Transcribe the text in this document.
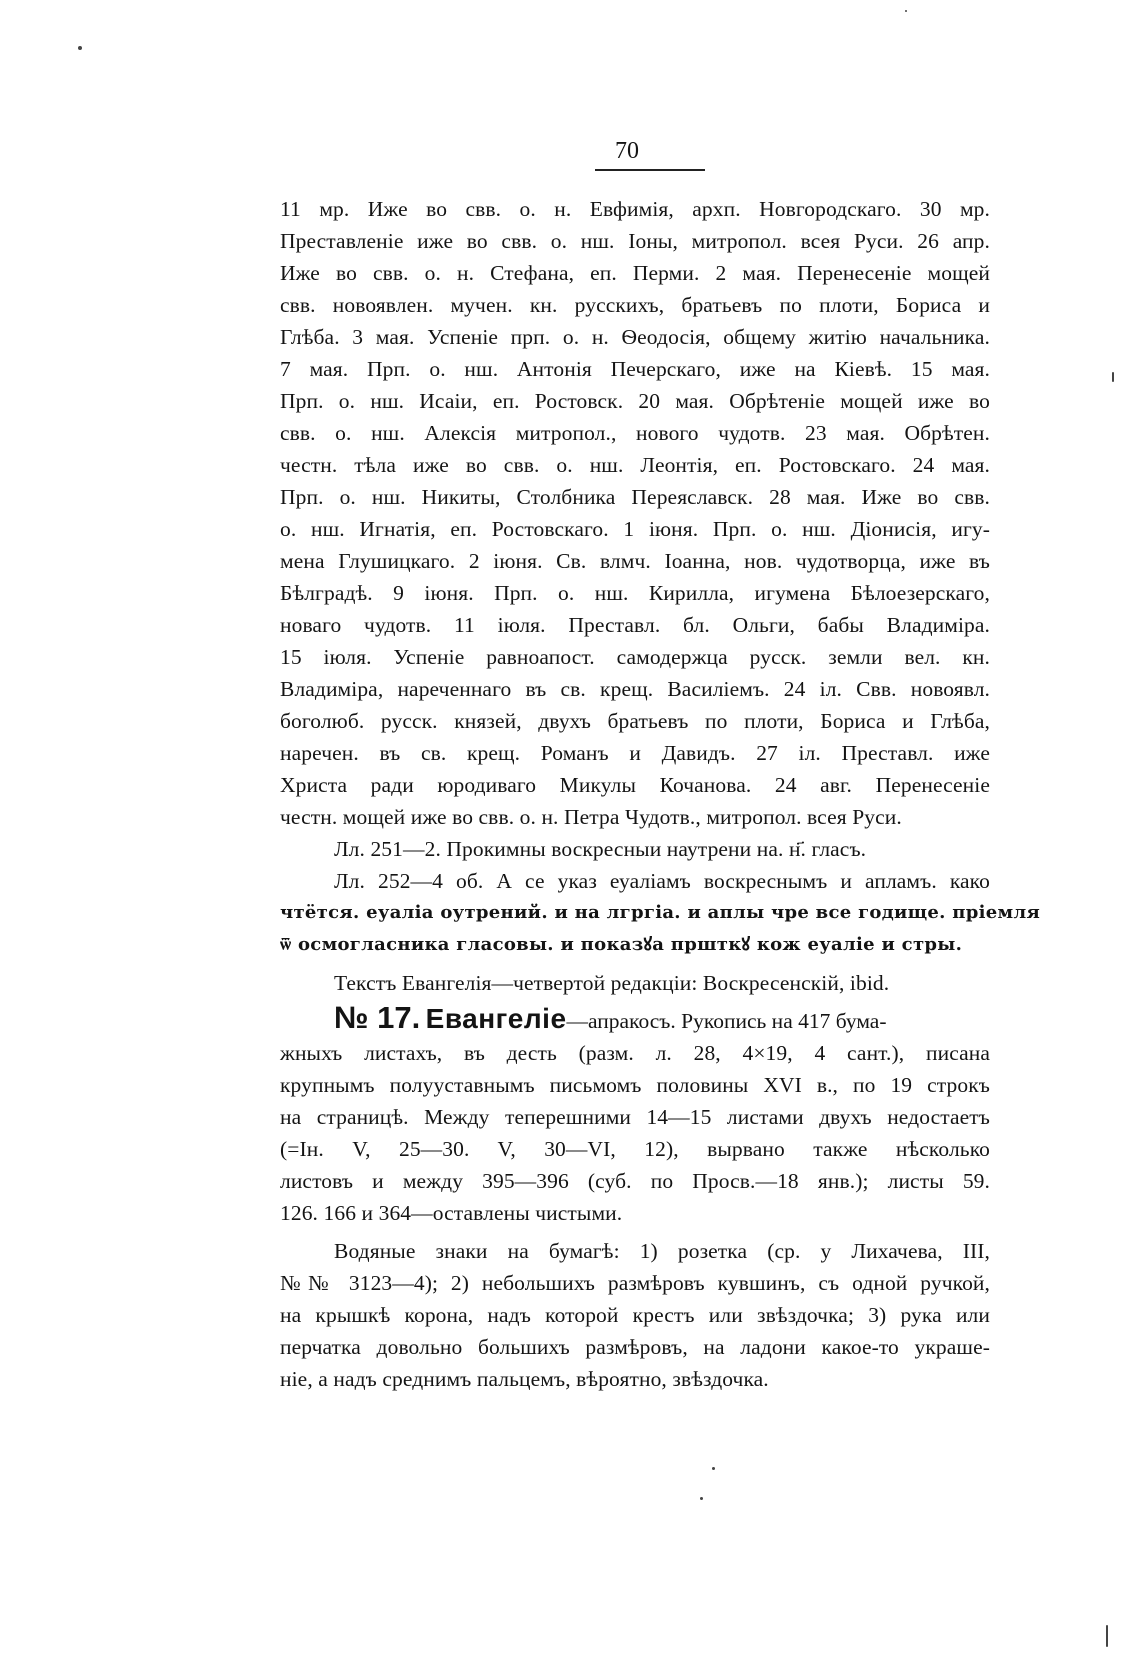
70
11 мр. Иже во свв. о. н. Евфимія, архп. Новгородскаго. 30 мр.
Преставленіе иже во свв. о. нш. Іоны, митропол. всея Руси. 26 апр.
Иже во свв. о. н. Стефана, еп. Перми. 2 мая. Перенесеніе мощей
свв. новоявлен. мучен. кн. русскихъ, братьевъ по плоти, Бориса и
Глѣба. 3 мая. Успеніе прп. о. н. Ѳеодосія, общему житію начальника.
7 мая. Прп. о. нш. Антонія Печерскаго, иже на Кіевѣ. 15 мая.
Прп. о. нш. Исаіи, еп. Ростовск. 20 мая. Обрѣтеніе мощей иже во
свв. о. нш. Алексія митропол., нового чудотв. 23 мая. Обрѣтен.
честн. тѣла иже во свв. о. нш. Леонтія, еп. Ростовскаго. 24 мая.
Прп. о. нш. Никиты, Столбника Переяславск. 28 мая. Иже во свв.
о. нш. Игнатія, еп. Ростовскаго. 1 іюня. Прп. о. нш. Діонисія, игу-
мена Глушицкаго. 2 іюня. Св. влмч. Іоанна, нов. чудотворца, иже въ
Бѣлградѣ. 9 іюня. Прп. о. нш. Кирилла, игумена Бѣлоезерскаго,
новаго чудотв. 11 іюля. Преставл. бл. Ольги, бабы Владиміра.
15 іюля. Успеніе равноапост. самодержца русск. земли вел. кн.
Владиміра, нареченнаго въ св. крещ. Василіемъ. 24 іл. Свв. новоявл.
боголюб. русск. князей, двухъ братьевъ по плоти, Бориса и Глѣба,
наречен. въ св. крещ. Романъ и Давидъ. 27 іл. Преставл. иже
Христа ради юродиваго Микулы Кочанова. 24 авг. Перенесеніе
честн. мощей иже во свв. о. н. Петра Чудотв., митропол. всея Руси.
Лл. 251—2. Прокимны воскресныи наутрени на. н҃. гласъ.
Лл. 252—4 об. А се указ еуаліамъ воскреснымъ и апламъ. како
чтётся. еуаліа оутрений. и на лгргіа. и аплы чре все годище. пріемля
ѿ осмогласника гласовы. и показꙋа пршткꙋ кож еуаліе и стры.
Текстъ Евангелія—четвертой редакціи: Воскресенскій, ibid.
№ 17. Евангеліе—апракосъ. Рукопись на 417 бума-
жныхъ листахъ, въ десть (разм. л. 28, 4×19, 4 сант.), писана
крупнымъ полууставнымъ письмомъ половины XVI в., по 19 строкъ
на страницѣ. Между теперешними 14—15 листами двухъ недостаетъ
(=Ін. V, 25—30. V, 30—VI, 12), вырвано также нѣсколько
листовъ и между 395—396 (суб. по Просв.—18 янв.); листы 59.
126. 166 и 364—оставлены чистыми.
Водяные знаки на бумагѣ: 1) розетка (ср. у Лихачева, III,
№№ 3123—4); 2) небольшихъ размѣровъ кувшинъ, съ одной ручкой,
на крышкѣ корона, надъ которой крестъ или звѣздочка; 3) рука или
перчатка довольно большихъ размѣровъ, на ладони какое-то украше-
ніе, а надъ среднимъ пальцемъ, вѣроятно, звѣздочка.
